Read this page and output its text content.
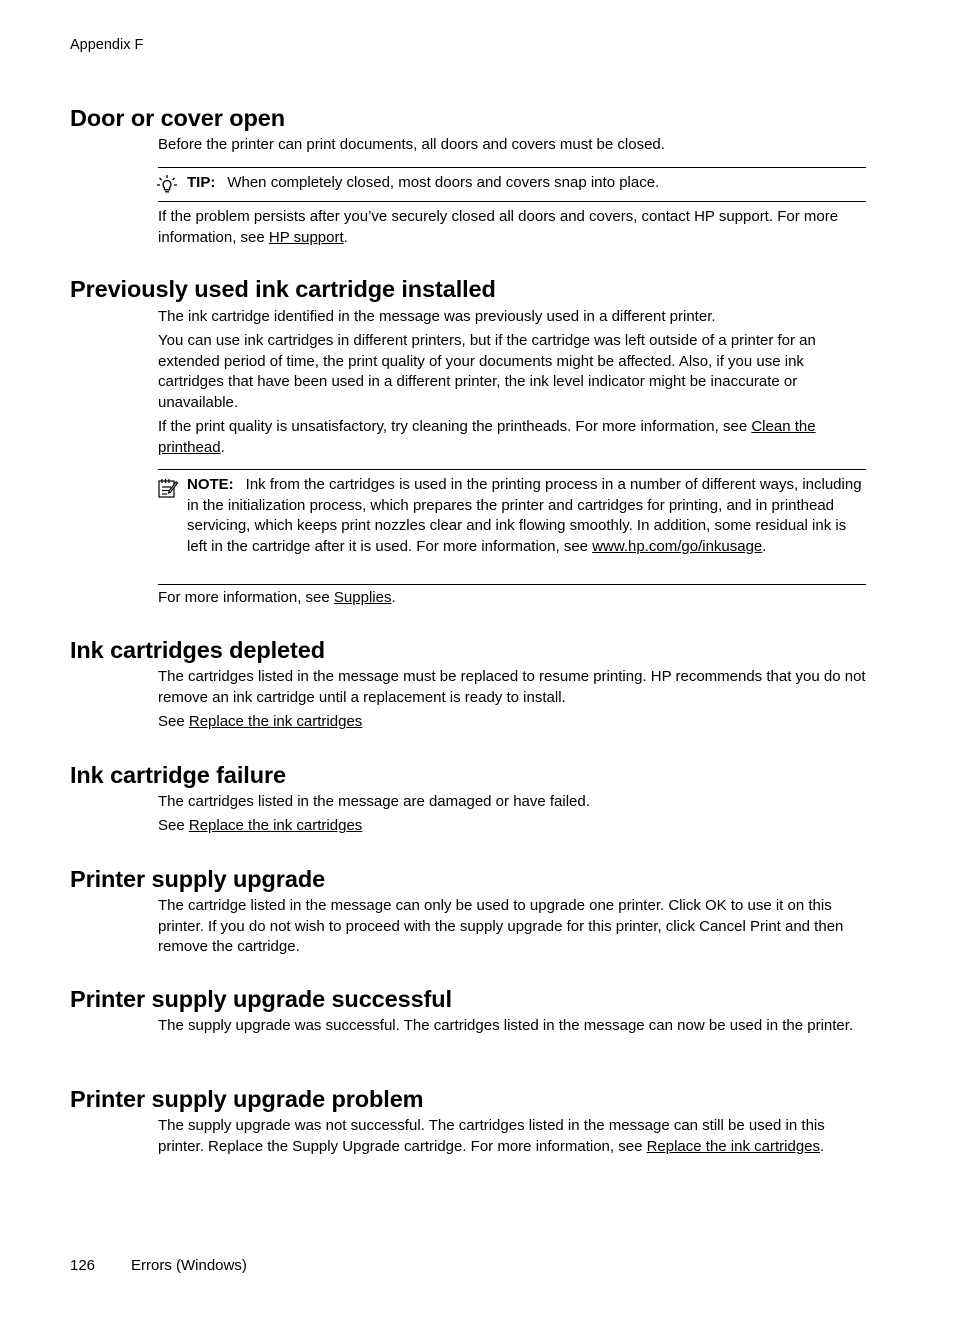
Appendix F
Door or cover open

Before the printer can print documents, all doors and covers must be closed.

TIP: When completely closed, most doors and covers snap into place.

If the problem persists after you’ve securely closed all doors and covers, contact HP support. For more information, see HP support.

Previously used ink cartridge installed

The ink cartridge identified in the message was previously used in a different printer.

You can use ink cartridges in different printers, but if the cartridge was left outside of a printer for an extended period of time, the print quality of your documents might be affected. Also, if you use ink cartridges that have been used in a different printer, the ink level indicator might be inaccurate or unavailable.

If the print quality is unsatisfactory, try cleaning the printheads. For more information, see Clean the printhead.

NOTE: Ink from the cartridges is used in the printing process in a number of different ways, including in the initialization process, which prepares the printer and cartridges for printing, and in printhead servicing, which keeps print nozzles clear and ink flowing smoothly. In addition, some residual ink is left in the cartridge after it is used. For more information, see www.hp.com/go/inkusage.

For more information, see Supplies.

Ink cartridges depleted

The cartridges listed in the message must be replaced to resume printing. HP recommends that you do not remove an ink cartridge until a replacement is ready to install.

See Replace the ink cartridges

Ink cartridge failure

The cartridges listed in the message are damaged or have failed.

See Replace the ink cartridges

Printer supply upgrade

The cartridge listed in the message can only be used to upgrade one printer. Click OK to use it on this printer. If you do not wish to proceed with the supply upgrade for this printer, click Cancel Print and then remove the cartridge.

Printer supply upgrade successful

The supply upgrade was successful. The cartridges listed in the message can now be used in the printer.

Printer supply upgrade problem

The supply upgrade was not successful. The cartridges listed in the message can still be used in this printer. Replace the Supply Upgrade cartridge. For more information, see Replace the ink cartridges.

126 Errors (Windows)
